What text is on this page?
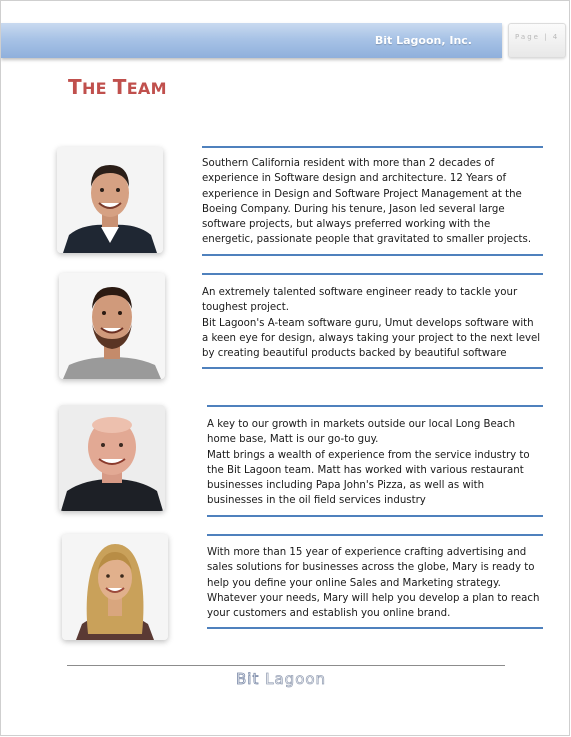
Bit Lagoon, Inc.	Page | 4
THE TEAM

Southern California resident with more than 2 decades of experience in Software design and architecture. 12 Years of experience in Design and Software Project Management at the Boeing Company. During his tenure, Jason led several large software projects, but always preferred working with the energetic, passionate people that gravitated to smaller projects.

An extremely talented software engineer ready to tackle your toughest project.
Bit Lagoon's A-team software guru, Umut develops software with a keen eye for design, always taking your project to the next level by creating beautiful products backed by beautiful software

A key to our growth in markets outside our local Long Beach home base, Matt is our go-to guy.
Matt brings a wealth of experience from the service industry to the Bit Lagoon team. Matt has worked with various restaurant businesses including Papa John's Pizza, as well as with businesses in the oil field services industry

With more than 15 year of experience crafting advertising and sales solutions for businesses across the globe, Mary is ready to help you define your online Sales and Marketing strategy. Whatever your needs, Mary will help you develop a plan to reach your customers and establish you online brand.

Bit Lagoon
